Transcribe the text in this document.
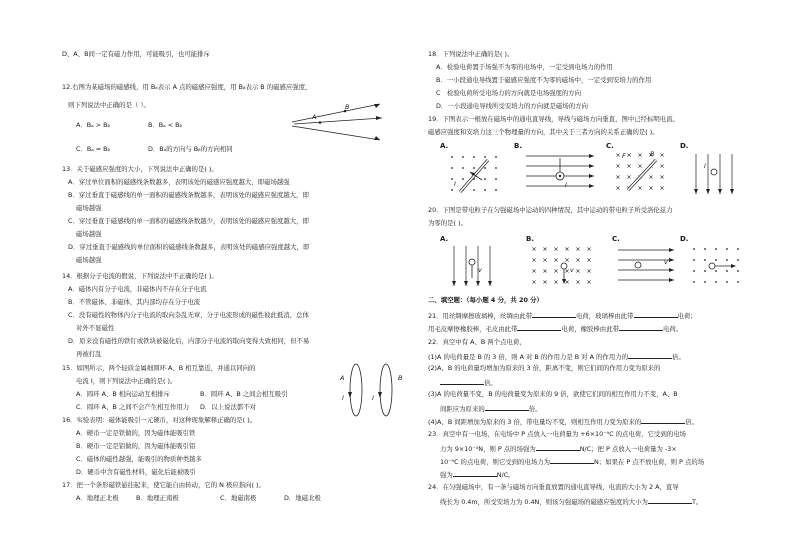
D、A、B间一定有磁力作用，可能吸引，也可能排斥
12.右图为某磁场的磁感线，用 Bₐ表示 A 点的磁感应强度，用 Bᵦ表示 B 的磁感应强度，
则下列说法中正确的是（ ）。
A．Bₐ > Bᵦ	B．Bₐ < Bᵦ
C．Bₐ = Bᵦ	D．Bₐ的方向与 Bᵦ的方向相同
A
B
13．关于磁感应强度的大小，下列说法中正确的是( )。
A．穿过单位面积的磁感线条数越多，表明该处的磁感应强度越大，即磁场越强
B．穿过垂直于磁感线的单一面积的磁感线条数越多，表明该处的磁感应强度越大，即
磁场越强
C．穿过垂直于磁感线的单一面积的磁感线条数越少，表明该处的磁感应强度越大，即
磁场越强
D．穿过垂直于磁感线的单位面积的磁感线条数越多，表明该处的磁感应强度越大，即
磁场越强
14．根据分子电流的假说，下列说法中不正确的是( )。
A．磁体内有分子电流，非磁体内不存在分子电流
B．不管磁体、非磁体，其内部均存在分子电流
C．没有磁性的物体内分子电流的取向杂乱无章，分子电流形成的磁性彼此抵消，总体
对外不显磁性
D．原来没有磁性的铁钉或铁块被磁化后，内部分子电流的取向变得大致相同，但不易
再被打乱
15．如图所示，两个轻质金属细圆环 A、B 相互靠近，并通以同向的
电流 I，则下列说法中正确的是( )。
A．圆环 A、B 相向运动互相排斥	B．圆环 A、B 之间会相互吸引
C．圆环 A、B 之间不会产生相互作用力 D．以上说法都不对
A	B
I	I
16．实验表明：磁体能吸引一元硬币，对这种现象解释正确的是( )。
A．硬币一定是铁做的，因为磁体能吸引铁
B．硬币一定是铝做的，因为磁体能吸引铝
C．磁体的磁性越强，能吸引的物质种类越多
D．硬币中含有磁性材料，磁化后能被吸引
17．把一个条形磁铁悬挂起来，使它能自由转动，它的 N 极应指向( )。
A．地理正北极	B．地理正南极	C．地磁南极	D．地磁北极
18．下列说法中正确的是( )。
A．检验电荷置于场强不为零的电场中，一定受到电场力的作用
B．一小段通电导线置于磁感应强度不为零的磁场中，一定受到安培力的作用
C　检验电荷所受电场力的方向就是电场强度的方向
D．一小段通电导线所受安培力的方向就是磁场的方向
19．下图表示一根放在磁场中的通电直导线，导线与磁场方向垂直，图中已经标明电流、
磁感应强度和安培力这三个物理量的方向，其中关于三者方向的关系正确的是( )。
A.	B.	C.	D.
I	I
F	B
I
20．下图是带电粒子在匀强磁场中运动的四种情况，其中运动的带电粒子所受洛伦兹力
为零的是( )。
A.	B.	C.	D.
v	v
v
二、填空题：（每小题 4 分，共 20 分）
21．用丝绸摩擦玻璃棒，丝绸由此带	电荷，玻璃棒由此带	电荷；
用毛皮摩擦橡胶棒，毛皮由此带	电荷，橡胶棒由此带	电荷。
22．真空中有 A、B 两个点电荷，
(1)A 的电荷量是 B 的 3 倍，则 A 对 B 的作用力是 B 对 A 的作用力的	倍。
(2)A、B 的电荷量均增加为原来的 3 倍，距离不变，则它们间的作用力变为原来的
倍。
(3)A 的电荷量不变，B 的电荷量变为原来的 9 倍，欲使它们间的相互作用力不变，A、B
间距应为原来的	倍。
(4)A、B 间距增加为原来的 3 倍，带电量均不变，则相互作用力变为原来的	倍。
23．真空中有一电场，在电场中 P 点放入一电荷量为 +6×10⁻⁹C 的点电荷，它受到的电场
力为 9×10⁻⁵N，则 P 点的场强为	N/C；把 P 点放入一电荷量为 -3×
10⁻⁹C 的点电荷，则它受到的电场力为	N；如果在 P 点不放电荷，则 P 点的场
强为	N/C。
24．在匀强磁场中，有一条与磁场方向垂直放置的通电直导线，电流的大小为 2 A，直导
线长为 0.4m，所受安培力为 0.4N，则该匀强磁场的磁感应强度的大小为	T。
